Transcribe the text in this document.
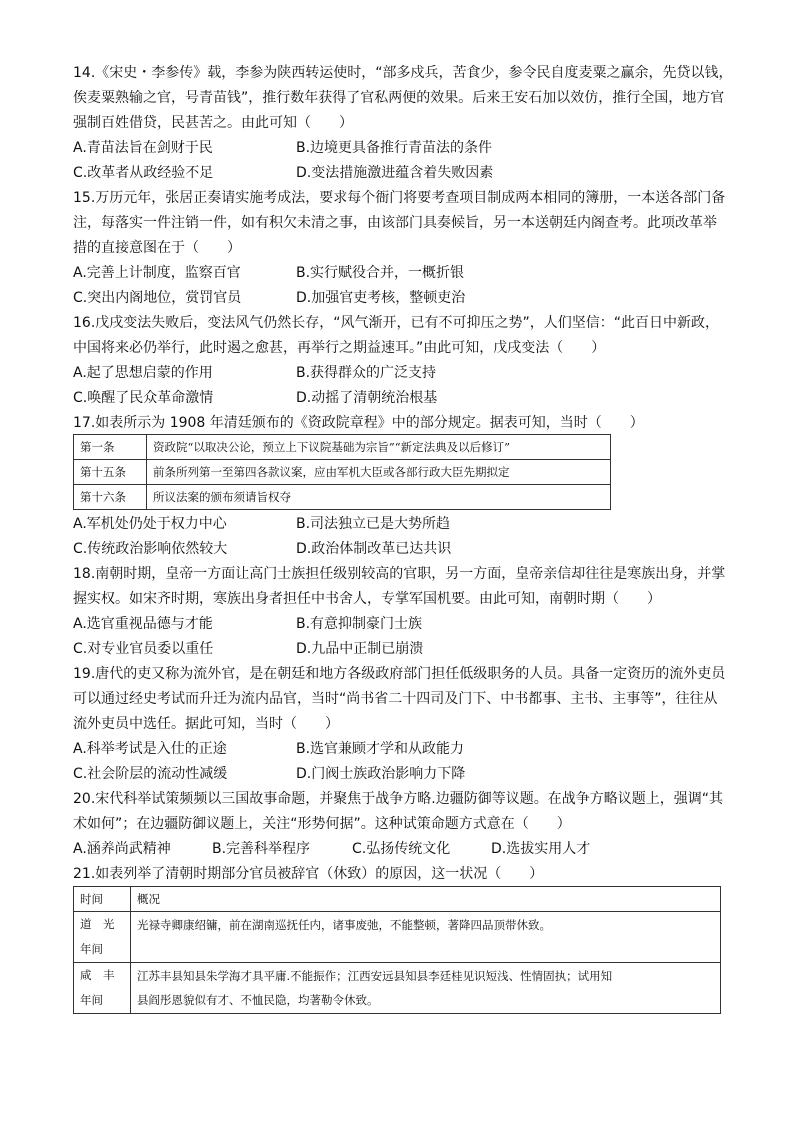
14.《宋史・李参传》载，李参为陕西转运使时，“部多戍兵，苦食少，参令民自度麦粟之赢余，先贷以钱，
俟麦粟熟输之官，号青苗钱”，推行数年获得了官私两便的效果。后来王安石加以效仿，推行全国，地方官
强制百姓借贷，民甚苦之。由此可知（　　）
A.青苗法旨在剑财于民	B.边境更具备推行青苗法的条件
C.改革者从政经验不足	D.变法措施激进蕴含着失败因素
15.万历元年，张居正奏请实施考成法，要求每个衙门将要考查项目制成两本相同的簿册，一本送各部门备
注，每落实一件注销一件，如有积欠未清之事，由该部门具奏候旨，另一本送朝廷内阁查考。此项改革举
措的直接意图在于（　　）
A.完善上计制度，监察百官	B.实行赋役合并，一概折银
C.突出内阁地位，赏罚官员	D.加强官吏考核，整顿吏治
16.戊戌变法失败后，变法风气仍然长存，“风气渐开，已有不可抑压之势”，人们坚信：“此百日中新政，
中国将来必仍举行，此时遏之愈甚，再举行之期益速耳。”由此可知，戊戌变法（　　）
A.起了思想启蒙的作用	B.获得群众的广泛支持
C.唤醒了民众革命激情	D.动摇了清朝统治根基
17.如表所示为 1908 年清廷颁布的《资政院章程》中的部分规定。据表可知，当时（　　）
第一条	资政院“以取决公论，预立上下议院基础为宗旨”“新定法典及以后修订”
第十五条	前条所列第一至第四各款议案，应由军机大臣或各部行政大臣先期拟定
第十六条	所议法案的颁布须请旨权夺
A.军机处仍处于权力中心	B.司法独立已是大势所趋
C.传统政治影响依然较大	D.政治体制改革已达共识
18.南朝时期，皇帝一方面让高门士族担任级别较高的官职，另一方面，皇帝亲信却往往是寒族出身，并掌
握实权。如宋齐时期，寒族出身者担任中书舍人，专掌军国机要。由此可知，南朝时期（　　）
A.选官重视品德与才能	B.有意抑制豪门士族
C.对专业官员委以重任	D.九品中正制已崩溃
19.唐代的吏又称为流外官，是在朝廷和地方各级政府部门担任低级职务的人员。具备一定资历的流外吏员
可以通过经史考试而升迁为流内品官，当时“尚书省二十四司及门下、中书都事、主书、主事等”，往往从
流外吏员中选任。据此可知，当时（　　）
A.科举考试是入仕的正途	B.选官兼顾才学和从政能力
C.社会阶层的流动性减缓	D.门阀士族政治影响力下降
20.宋代科举试策频频以三国故事命题，并聚焦于战争方略.边疆防御等议题。在战争方略议题上，强调“其
术如何”；在边疆防御议题上，关注“形势何据”。这种试策命题方式意在（　　）
A.涵养尚武精神	B.完善科举程序	C.弘扬传统文化	D.选拔实用人才
21.如表列举了清朝时期部分官员被辞官（休致）的原因，这一状况（　　）
时间	概况
道　光
年间	光禄寺卿康绍镛，前在湖南巡抚任内，诸事废弛，不能整顿，著降四品顶带休致。
咸　丰
年间	江苏丰县知县朱学海才具平庸.不能振作；江西安远县知县李廷桂见识短浅、性情固执；试用知
县阎彤恩貌似有才、不恤民隐，均著勒令休致。
